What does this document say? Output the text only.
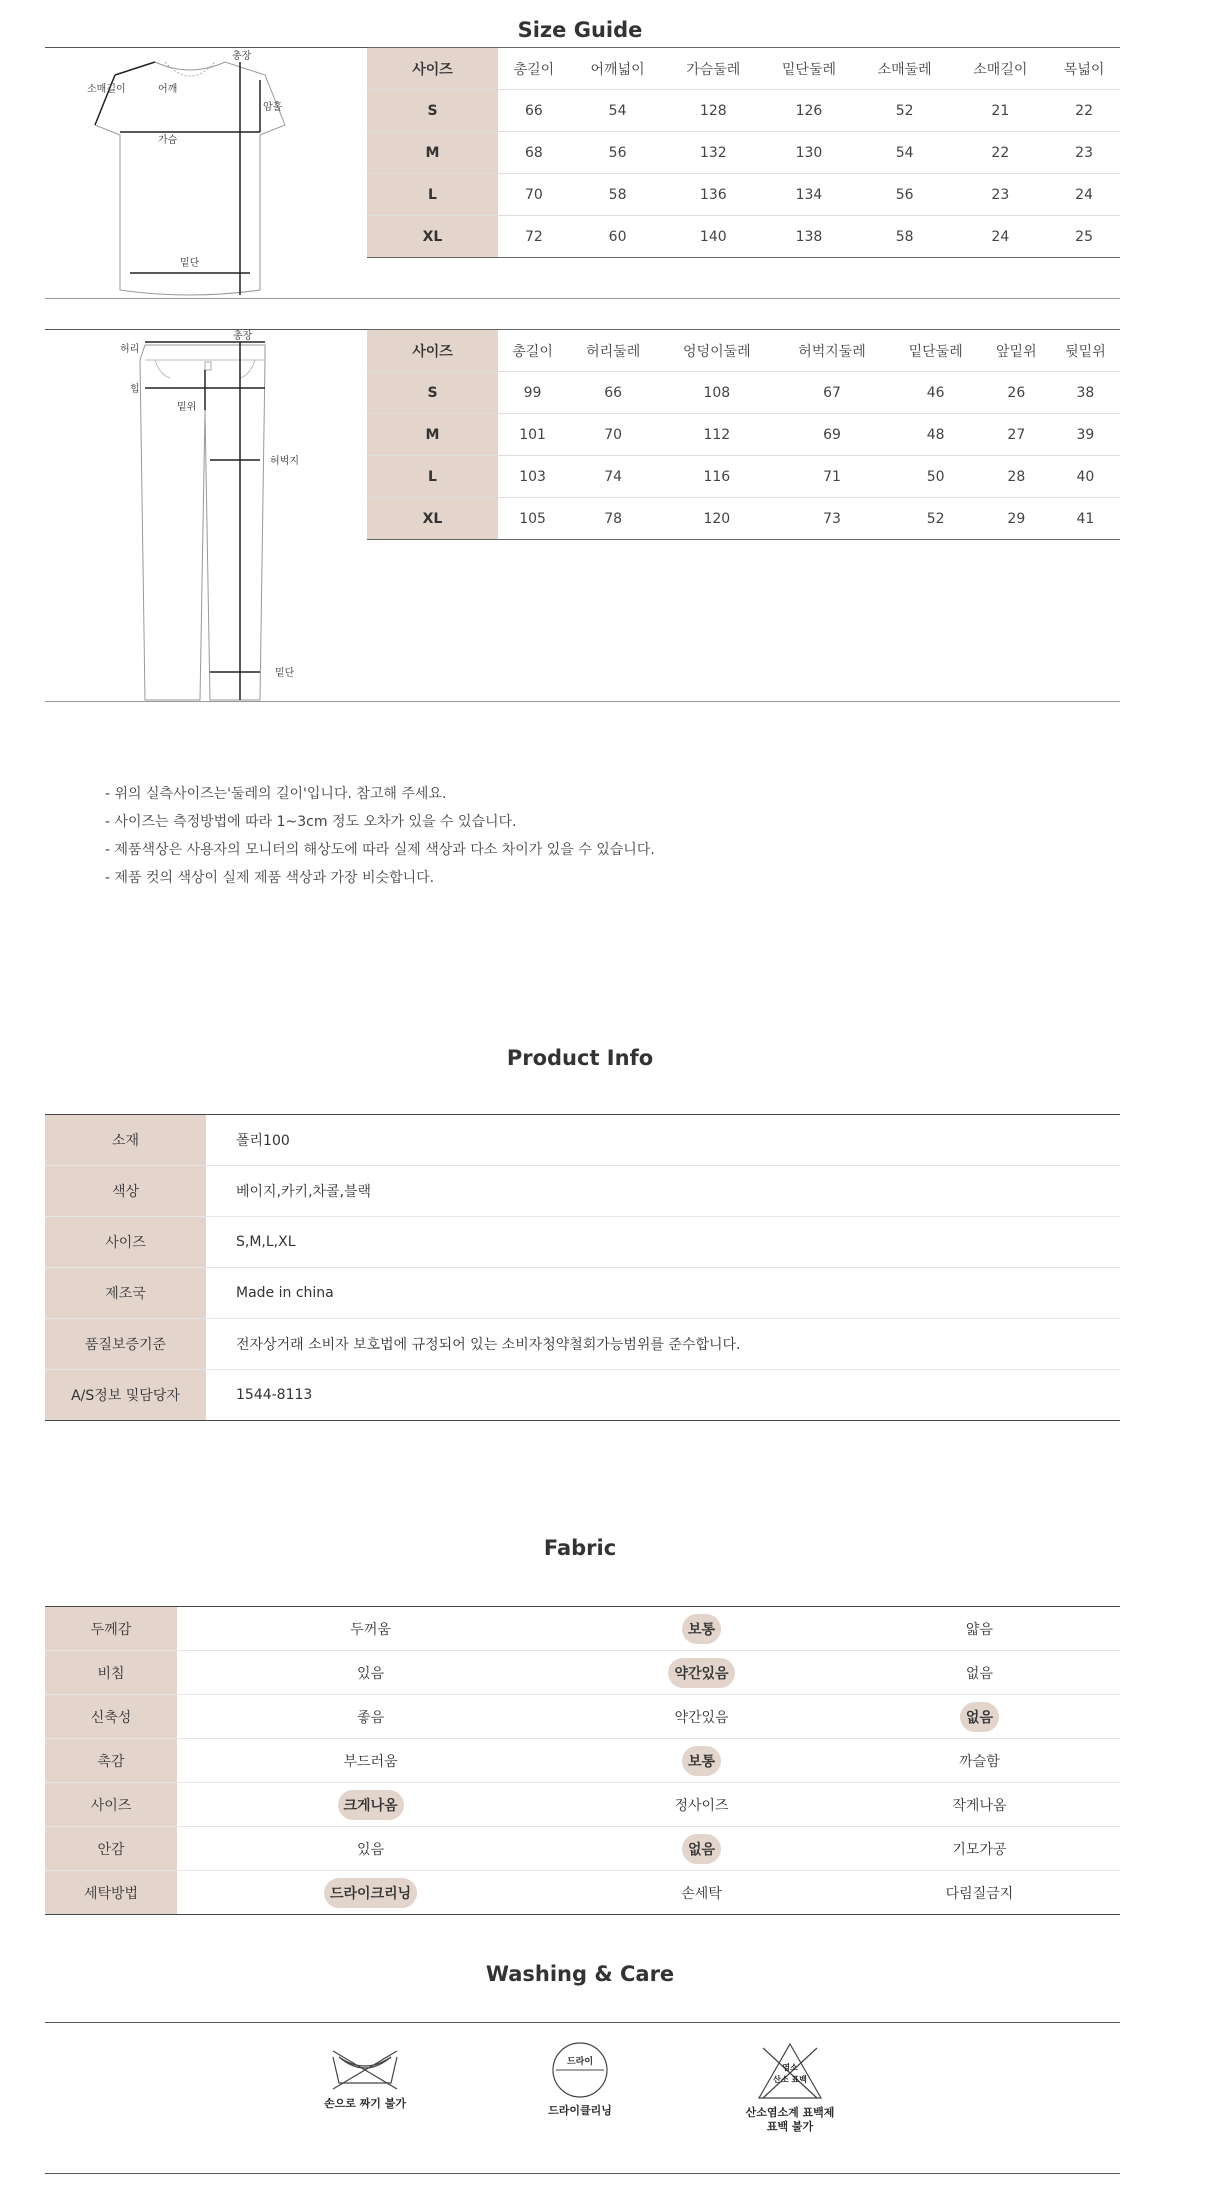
Size Guide
총장
소매길이	어깨
암홀
가슴
밑단
사이즈	총길이	어깨넓이	가슴둘레	밑단둘레	소매둘레	소매길이	목넓이
S	66	54	128	126	52	21	22
M	68	56	132	130	54	22	23
L	70	58	136	134	56	23	24
XL	72	60	140	138	58	24	25
총장
허리
힙
밑위
허벅지
밑단
사이즈	총길이	허리둘레	엉덩이둘레	허벅지둘레	밑단둘레	앞밑위	뒷밑위
S	99	66	108	67	46	26	38
M	101	70	112	69	48	27	39
L	103	74	116	71	50	28	40
XL	105	78	120	73	52	29	41
- 위의 실측사이즈는'둘레의 길이'입니다. 참고해 주세요.
- 사이즈는 측정방법에 따라 1~3cm 정도 오차가 있을 수 있습니다.
- 제품색상은 사용자의 모니터의 해상도에 따라 실제 색상과 다소 차이가 있을 수 있습니다.
- 제품 컷의 색상이 실제 제품 색상과 가장 비슷합니다.
Product Info
소재	폴리100
색상	베이지,카키,차콜,블랙
사이즈	S,M,L,XL
제조국	Made in china
품질보증기준	전자상거래 소비자 보호법에 규정되어 있는 소비자청약철회가능범위를 준수합니다.
A/S정보 및담당자	1544-8113
Fabric
두께감	두꺼움	보통	얇음
비침	있음	약간있음	없음
신축성	좋음	약간있음	없음
촉감	부드러움	보통	까슬함
사이즈	크게나옴	정사이즈	작게나옴
안감	있음	없음	기모가공
세탁방법	드라이크리닝	손세탁	다림질금지
Washing & Care
손으로 짜기 불가
드라이
드라이클리닝
염소
산소 표백
산소염소계 표백제
표백 불가
